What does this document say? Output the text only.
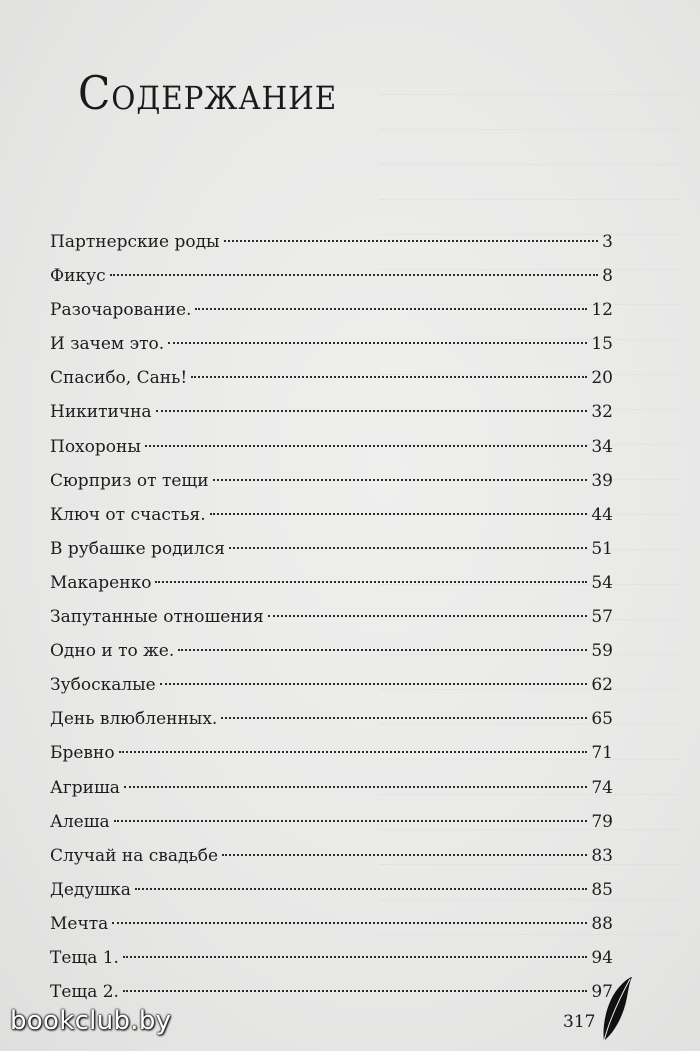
Содержание
Партнерские роды	3
Фикус	8
Разочарование.	12
И зачем это.	15
Спасибо, Сань!	20
Никитична	32
Похороны	34
Сюрприз от тещи	39
Ключ от счастья.	44
В рубашке родился	51
Макаренко	54
Запутанные отношения	57
Одно и то же.	59
Зубоскалые	62
День влюбленных.	65
Бревно	71
Агриша	74
Алеша	79
Случай на свадьбе	83
Дедушка	85
Мечта	88
Теща 1.	94
Теща 2.	97
317
bookclub.by
